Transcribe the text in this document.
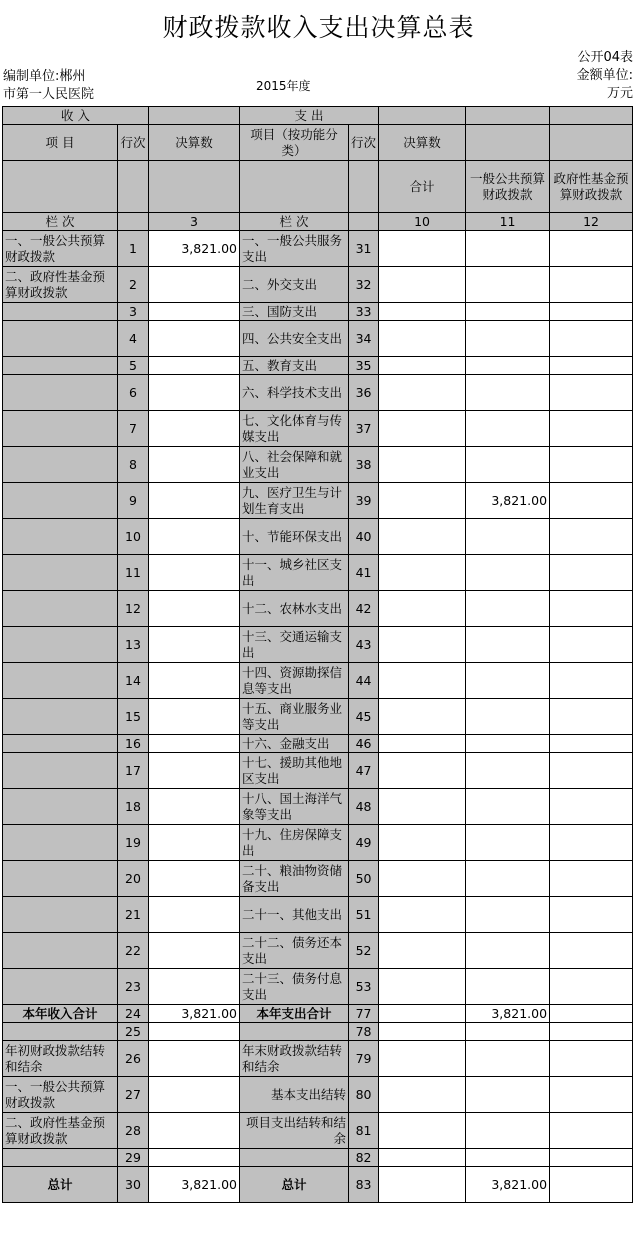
财政拨款收入支出决算总表
公开04表
金额单位:
万元
编制单位:郴州
市第一人民医院
2015年度
收 入			支 出				
项 目	行次	决算数	项目（按功能分类）	行次	决算数		
					合计	一般公共预算财政拨款	政府性基金预算财政拨款
栏 次		3	栏 次		10	11	12
一、一般公共预算财政拨款	1	3,821.00	一、一般公共服务支出	31			
二、政府性基金预算财政拨款	2		二、外交支出	32			
	3		三、国防支出	33			
	4		四、公共安全支出	34			
	5		五、教育支出	35			
	6		六、科学技术支出	36			
	7		七、文化体育与传媒支出	37			
	8		八、社会保障和就业支出	38			
	9		九、医疗卫生与计划生育支出	39		3,821.00	
	10		十、节能环保支出	40			
	11		十一、城乡社区支出	41			
	12		十二、农林水支出	42			
	13		十三、交通运输支出	43			
	14		十四、资源勘探信息等支出	44			
	15		十五、商业服务业等支出	45			
	16		十六、金融支出	46			
	17		十七、援助其他地区支出	47			
	18		十八、国土海洋气象等支出	48			
	19		十九、住房保障支出	49			
	20		二十、粮油物资储备支出	50			
	21		二十一、其他支出	51			
	22		二十二、债务还本支出	52			
	23		二十三、债务付息支出	53			
本年收入合计	24	3,821.00	本年支出合计	77		3,821.00	
	25			78			
年初财政拨款结转和结余	26		年末财政拨款结转和结余	79			
一、一般公共预算财政拨款	27		基本支出结转	80			
二、政府性基金预算财政拨款	28		项目支出结转和结余	81			
	29			82			
总计	30	3,821.00	总计	83		3,821.00	
